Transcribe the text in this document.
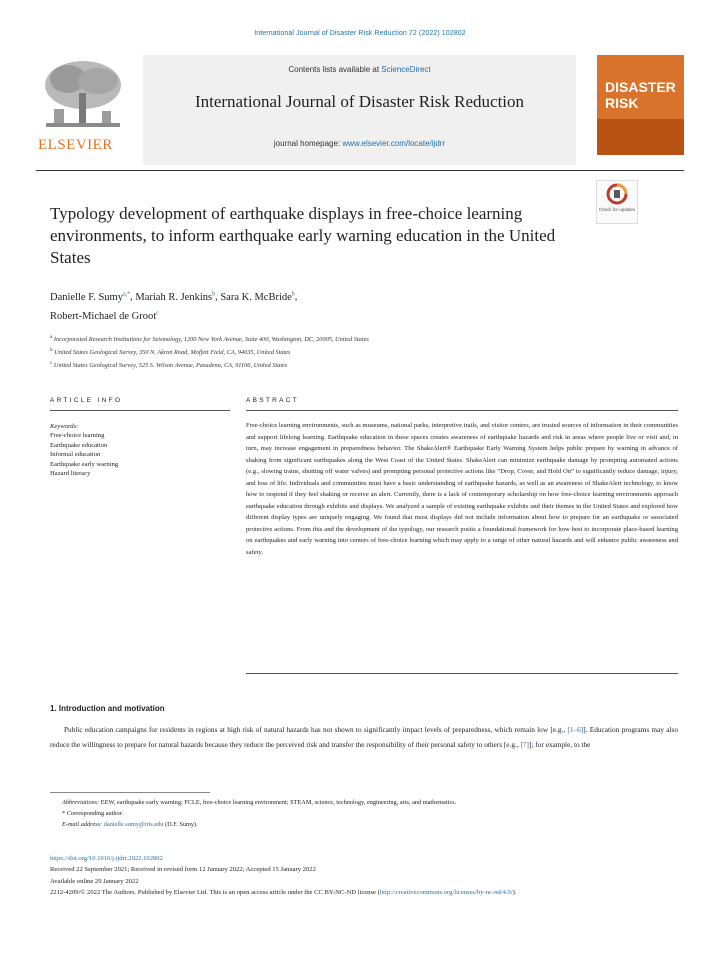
International Journal of Disaster Risk Reduction 72 (2022) 102802
ELSEVIER
Contents lists available at ScienceDirect
International Journal of Disaster Risk Reduction
journal homepage: www.elsevier.com/locate/ijdrr
DISASTER
RISK
Check for updates
Typology development of earthquake displays in free-choice learning environments, to inform earthquake early warning education in the United States
Danielle F. Sumy$^{a,*}$, Mariah R. Jenkins$^b$, Sara K. McBride$^b$,
Robert-Michael de Groot$^c$
$^a$ Incorporated Research Institutions for Seismology, 1200 New York Avenue, Suite 400, Washington, DC, 20005, United States
$^b$ United States Geological Survey, 350 N. Akron Road, Moffett Field, CA, 94035, United States
$^c$ United States Geological Survey, 525 S. Wilson Avenue, Pasadena, CA, 91106, United States
ARTICLE INFO
Keywords:
Free-choice learning
Earthquake education
Informal education
Earthquake early warning
Hazard literacy
ABSTRACT
Free-choice learning environments, such as museums, national parks, interpretive trails, and visitor centers, are trusted sources of information in their communities and support lifelong learning. Earthquake education in these spaces creates awareness of earthquake hazards and risk in areas where people live or visit and, in turn, may increase engagement in preparedness behavior. The ShakeAlert® Earthquake Early Warning System helps public prepare by warning in advance of shaking from significant earthquakes along the West Coast of the United States. ShakeAlert can minimize earthquake damage by prompting automated actions (e.g., slowing trains, shutting off water valves) and prompting personal protective actions like “Drop, Cover, and Hold On” to significantly reduce damage, injury, and loss of life. Individuals and communities must have a basic understanding of earthquake hazards, as well as an awareness of ShakeAlert technology, to know how to respond if they feel shaking or receive an alert. Currently, there is a lack of contemporary scholarship on how free-choice learning environments approach earthquake education through exhibits and displays. We analyzed a sample of existing earthquake exhibits and their themes in the United States and explored how different display types are uniquely engaging. We found that most displays did not include information about how to prepare for an earthquake or associated protective actions. From this and the development of the typology, our research posits a foundational framework for how best to incorporate place-based learning on earthquakes and early warning into centers of free-choice learning which may apply to a range of other natural hazards and will enhance public awareness and safety.
1. Introduction and motivation
Public education campaigns for residents in regions at high risk of natural hazards has not shown to significantly impact levels of preparedness, which remain low [e.g., [1–6]]. Education programs may also reduce the willingness to prepare for natural hazards because they reduce the perceived risk and transfer the responsibility of their personal safety to others [e.g., [7]]; for example, to the
Abbreviations: EEW, earthquake early warning; FCLE, free-choice learning environment; STEAM, science, technology, engineering, arts, and mathematics.
* Corresponding author.
E-mail address: danielle.sumy@iris.edu (D.F. Sumy).
https://doi.org/10.1016/j.ijdrr.2022.102802
Received 22 September 2021; Received in revised form 12 January 2022; Accepted 15 January 2022
Available online 29 January 2022
2212-4209/© 2022 The Authors. Published by Elsevier Ltd. This is an open access article under the CC BY-NC-ND license (http://creativecommons.org/licenses/by-nc-nd/4.0/).
